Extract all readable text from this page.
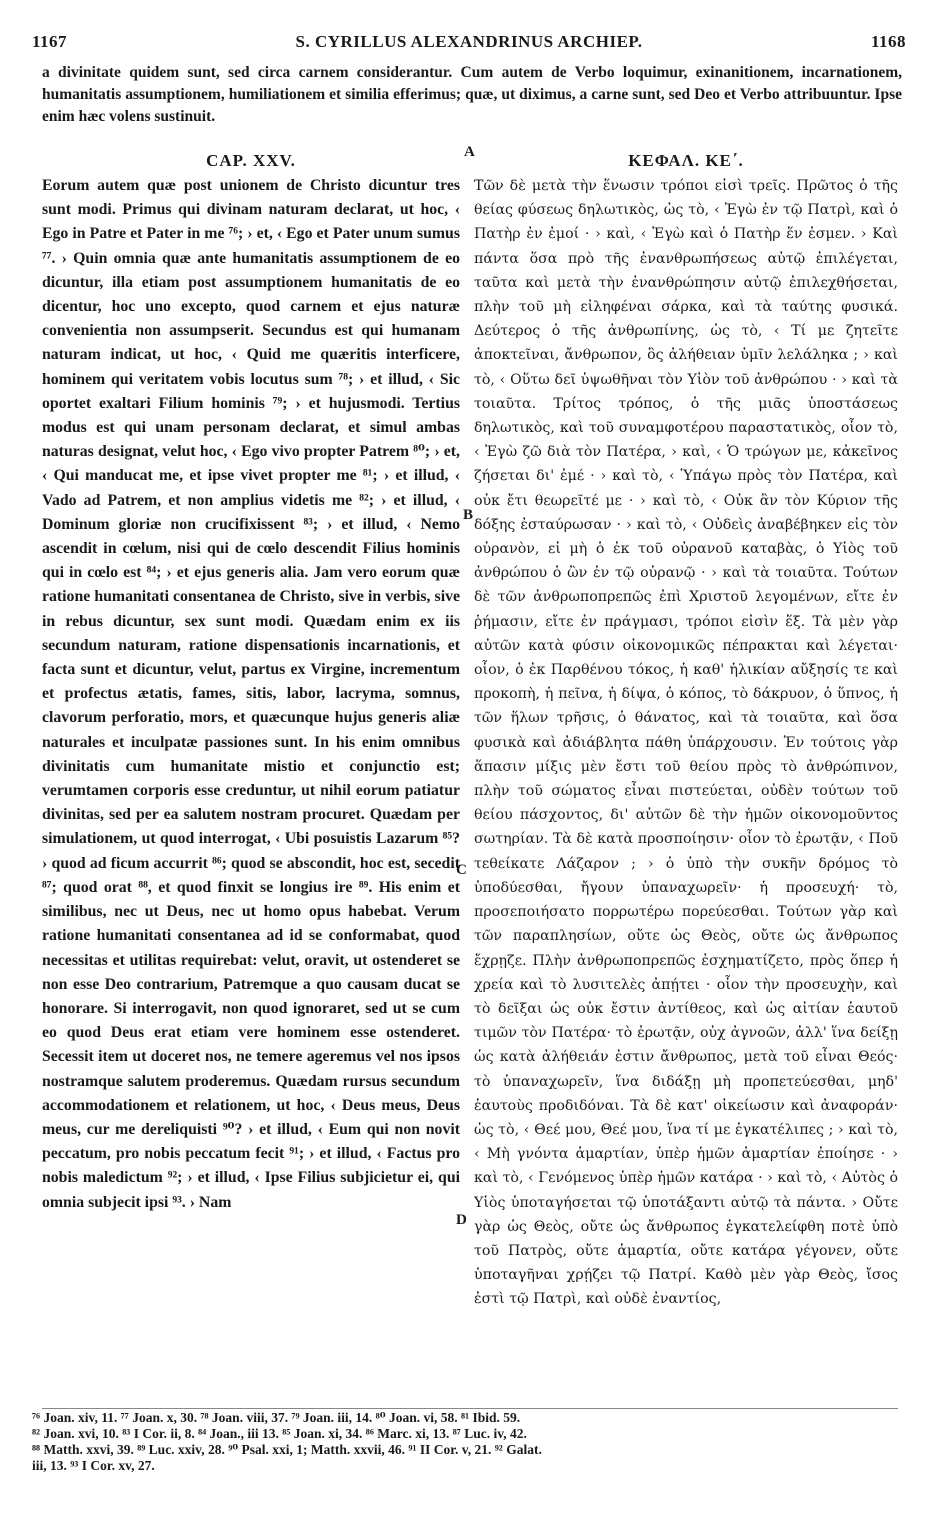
1167	S. CYRILLUS ALEXANDRINUS ARCHIEP.	1168

a divinitate quidem sunt, sed circa carnem considerantur. Cum autem de Verbo loquimur, exinanitionem, incarnationem, humanitatis assumptionem, humiliationem et similia efferimus; quæ, ut diximus, a carne sunt, sed Deo et Verbo attribuuntur. Ipse enim hæc volens sustinuit.

CAP. XXV.

Eorum autem quæ post unionem de Christo dicuntur tres sunt modi. Primus qui divinam naturam declarat, ut hoc, ‹ Ego in Patre et Pater in me ⁷⁶; › et, ‹ Ego et Pater unum sumus ⁷⁷. › Quin omnia quæ ante humanitatis assumptionem de eo dicuntur, illa etiam post assumptionem humanitatis de eo dicentur, hoc uno excepto, quod carnem et ejus naturæ convenientia non assumpserit. Secundus est qui humanam naturam indicat, ut hoc, ‹ Quid me quæritis interficere, hominem qui veritatem vobis locutus sum ⁷⁸; › et illud, ‹ Sic oportet exaltari Filium hominis ⁷⁹; › et hujusmodi. Tertius modus est qui unam personam declarat, et simul ambas naturas designat, velut hoc, ‹ Ego vivo propter Patrem ⁸⁰; › et, ‹ Qui manducat me, et ipse vivet propter me ⁸¹; › et illud, ‹ Vado ad Patrem, et non amplius videtis me ⁸²; › et illud, ‹ Dominum gloriæ non crucifixissent ⁸³; › et illud, ‹ Nemo ascendit in cœlum, nisi qui de cœlo descendit Filius hominis qui in cœlo est ⁸⁴; › et ejus generis alia. Jam vero eorum quæ ratione humanitati consentanea de Christo, sive in verbis, sive in rebus dicuntur, sex sunt modi. Quædam enim ex iis secundum naturam, ratione dispensationis incarnationis, et facta sunt et dicuntur, velut, partus ex Virgine, incrementum et profectus ætatis, fames, sitis, labor, lacryma, somnus, clavorum perforatio, mors, et quæcunque hujus generis aliæ naturales et inculpatæ passiones sunt. In his enim omnibus divinitatis cum humanitate mistio et conjunctio est; verumtamen corporis esse creduntur, ut nihil eorum patiatur divinitas, sed per ea salutem nostram procuret. Quædam per simulationem, ut quod interrogat, ‹ Ubi posuistis Lazarum ⁸⁵? › quod ad ficum accurrit ⁸⁶; quod se abscondit, hoc est, secedit ⁸⁷; quod orat ⁸⁸, et quod finxit se longius ire ⁸⁹. His enim et similibus, nec ut Deus, nec ut homo opus habebat. Verum ratione humanitati consentanea ad id se conformabat, quod necessitas et utilitas requirebat: velut, oravit, ut ostenderet se non esse Deo contrarium, Patremque a quo causam ducat se honorare. Si interrogavit, non quod ignoraret, sed ut se cum eo quod Deus erat etiam vere hominem esse ostenderet. Secessit item ut doceret nos, ne temere ageremus vel nos ipsos nostramque salutem proderemus. Quædam rursus secundum accommodationem et relationem, ut hoc, ‹ Deus meus, Deus meus, cur me dereliquisti ⁹⁰? › et illud, ‹ Eum qui non novit peccatum, pro nobis peccatum fecit ⁹¹; › et illud, ‹ Factus pro nobis maledictum ⁹²; › et illud, ‹ Ipse Filius subjicietur ei, qui omnia subjecit ipsi ⁹³. › Nam

ΚΕΦΑΛ. ΚΕ΄.

Τῶν δὲ μετὰ τὴν ἕνωσιν τρόποι εἰσὶ τρεῖς. Πρῶτος ὁ τῆς θείας φύσεως δηλωτικὸς, ὡς τὸ, ‹ Ἐγὼ ἐν τῷ Πατρὶ, καὶ ὁ Πατὴρ ἐν ἐμοί · › καὶ, ‹ Ἐγὼ καὶ ὁ Πατὴρ ἕν ἐσμεν. › Καὶ πάντα ὅσα πρὸ τῆς ἐνανθρωπήσεως αὐτῷ ἐπιλέγεται, ταῦτα καὶ μετὰ τὴν ἐνανθρώπησιν αὐτῷ ἐπιλεχθήσεται, πλὴν τοῦ μὴ εἰληφέναι σάρκα, καὶ τὰ ταύτης φυσικά. Δεύτερος ὁ τῆς ἀνθρωπίνης, ὡς τὸ, ‹ Τί με ζητεῖτε ἀποκτεῖναι, ἄνθρωπον, ὃς ἀλήθειαν ὑμῖν λελάληκα ; › καὶ τὸ, ‹ Οὕτω δεῖ ὑψωθῆναι τὸν Υἱὸν τοῦ ἀνθρώπου · › καὶ τὰ τοιαῦτα. Τρίτος τρόπος, ὁ τῆς μιᾶς ὑποστάσεως δηλωτικὸς, καὶ τοῦ συναμφοτέρου παραστατικὸς, οἷον τὸ, ‹ Ἐγὼ ζῶ διὰ τὸν Πατέρα, › καὶ, ‹ Ὁ τρώγων με, κἀκεῖνος ζήσεται δι' ἐμέ · › καὶ τὸ, ‹ Ὑπάγω πρὸς τὸν Πατέρα, καὶ οὐκ ἔτι θεωρεῖτέ με · › καὶ τὸ, ‹ Οὐκ ἂν τὸν Κύριον τῆς δόξης ἐσταύρωσαν · › καὶ τὸ, ‹ Οὐδεὶς ἀναβέβηκεν εἰς τὸν οὐρανὸν, εἰ μὴ ὁ ἐκ τοῦ οὐρανοῦ καταβὰς, ὁ Υἱὸς τοῦ ἀνθρώπου ὁ ὢν ἐν τῷ οὐρανῷ · › καὶ τὰ τοιαῦτα. Τούτων δὲ τῶν ἀνθρωποπρεπῶς ἐπὶ Χριστοῦ λεγομένων, εἴτε ἐν ῥήμασιν, εἴτε ἐν πράγμασι, τρόποι εἰσὶν ἕξ. Τὰ μὲν γὰρ αὐτῶν κατὰ φύσιν οἰκονομικῶς πέπρακται καὶ λέγεται· οἷον, ὁ ἐκ Παρθένου τόκος, ἡ καθ' ἡλικίαν αὔξησίς τε καὶ προκοπὴ, ἡ πεῖνα, ἡ δίψα, ὁ κόπος, τὸ δάκρυον, ὁ ὕπνος, ἡ τῶν ἥλων τρῆσις, ὁ θάνατος, καὶ τὰ τοιαῦτα, καὶ ὅσα φυσικὰ καὶ ἀδιάβλητα πάθη ὑπάρχουσιν. Ἐν τούτοις γὰρ ἅπασιν μίξις μὲν ἔστι τοῦ θείου πρὸς τὸ ἀνθρώπινον, πλὴν τοῦ σώματος εἶναι πιστεύεται, οὐδὲν τούτων τοῦ θείου πάσχοντος, δι' αὐτῶν δὲ τὴν ἡμῶν οἰκονομοῦντος σωτηρίαν. Τὰ δὲ κατὰ προσποίησιν· οἷον τὸ ἐρωτᾷν, ‹ Ποῦ τεθείκατε Λάζαρον ; › ὁ ὑπὸ τὴν συκῆν δρόμος τὸ ὑποδύεσθαι, ἤγουν ὑπαναχωρεῖν· ἡ προσευχή· τὸ, προσεποιήσατο πορρωτέρω πορεύεσθαι. Τούτων γὰρ καὶ τῶν παραπλησίων, οὔτε ὡς Θεὸς, οὔτε ὡς ἄνθρωπος ἔχρῃζε. Πλὴν ἀνθρωποπρεπῶς ἐσχηματίζετο, πρὸς ὅπερ ἡ χρεία καὶ τὸ λυσιτελὲς ἀπῄτει · οἷον τὴν προσευχὴν, καὶ τὸ δεῖξαι ὡς οὐκ ἔστιν ἀντίθεος, καὶ ὡς αἰτίαν ἑαυτοῦ τιμῶν τὸν Πατέρα· τὸ ἐρωτᾷν, οὐχ ἀγνοῶν, ἀλλ' ἵνα δείξῃ ὡς κατὰ ἀλήθειάν ἐστιν ἄνθρωπος, μετὰ τοῦ εἶναι Θεός· τὸ ὑπαναχωρεῖν, ἵνα διδάξῃ μὴ προπετεύεσθαι, μηδ' ἑαυτοὺς προδιδόναι. Τὰ δὲ κατ' οἰκείωσιν καὶ ἀναφοράν· ὡς τὸ, ‹ Θεέ μου, Θεέ μου, ἵνα τί με ἐγκατέλιπες ; › καὶ τὸ, ‹ Μὴ γνόντα ἁμαρτίαν, ὑπὲρ ἡμῶν ἁμαρτίαν ἐποίησε · › καὶ τὸ, ‹ Γενόμενος ὑπὲρ ἡμῶν κατάρα · › καὶ τὸ, ‹ Αὐτὸς ὁ Υἱὸς ὑποταγήσεται τῷ ὑποτάξαντι αὐτῷ τὰ πάντα. › Οὔτε γὰρ ὡς Θεὸς, οὔτε ὡς ἄνθρωπος ἐγκατελείφθη ποτὲ ὑπὸ τοῦ Πατρὸς, οὔτε ἁμαρτία, οὔτε κατάρα γέγονεν, οὔτε ὑποταγῆναι χρῄζει τῷ Πατρί. Καθὸ μὲν γὰρ Θεὸς, ἴσος ἐστὶ τῷ Πατρὶ, καὶ οὐδὲ ἐναντίος,

A
B
C
D
⁷⁶ Joan. xiv, 11. ⁷⁷ Joan. x, 30. ⁷⁸ Joan. viii, 37. ⁷⁹ Joan. iii, 14. ⁸⁰ Joan. vi, 58. ⁸¹ Ibid. 59.
⁸² Joan. xvi, 10. ⁸³ I Cor. ii, 8. ⁸⁴ Joan., iii 13. ⁸⁵ Joan. xi, 34. ⁸⁶ Marc. xi, 13. ⁸⁷ Luc. iv, 42.
⁸⁸ Matth. xxvi, 39. ⁸⁹ Luc. xxiv, 28. ⁹⁰ Psal. xxi, 1; Matth. xxvii, 46. ⁹¹ II Cor. v, 21. ⁹² Galat.
iii, 13. ⁹³ I Cor. xv, 27.
